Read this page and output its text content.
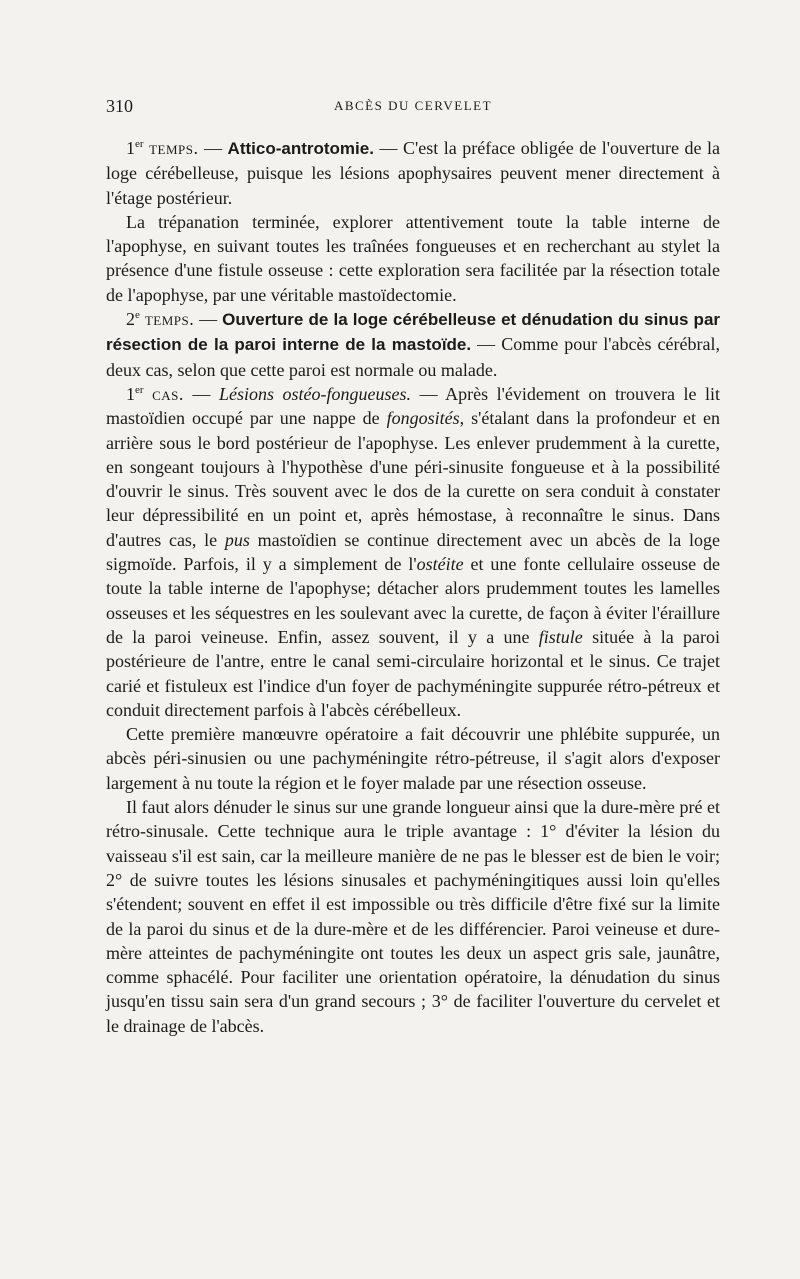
310	ABCÈS DU CERVELET

1er temps. — Attico-antrotomie. — C'est la préface obligée de l'ouverture de la loge cérébelleuse, puisque les lésions apophysaires peuvent mener directement à l'étage postérieur.

La trépanation terminée, explorer attentivement toute la table interne de l'apophyse, en suivant toutes les traînées fongueuses et en recherchant au stylet la présence d'une fistule osseuse : cette exploration sera facilitée par la résection totale de l'apophyse, par une véritable mastoïdectomie.

2e temps. — Ouverture de la loge cérébelleuse et dénudation du sinus par résection de la paroi interne de la mastoïde. — Comme pour l'abcès cérébral, deux cas, selon que cette paroi est normale ou malade.

1er cas. — Lésions ostéo-fongueuses. — Après l'évidement on trouvera le lit mastoïdien occupé par une nappe de fongosités, s'étalant dans la profondeur et en arrière sous le bord postérieur de l'apophyse. Les enlever prudemment à la curette, en songeant toujours à l'hypothèse d'une péri-sinusite fongueuse et à la possibilité d'ouvrir le sinus. Très souvent avec le dos de la curette on sera conduit à constater leur dépressibilité en un point et, après hémostase, à reconnaître le sinus. Dans d'autres cas, le pus mastoïdien se continue directement avec un abcès de la loge sigmoïde. Parfois, il y a simplement de l'ostéite et une fonte cellulaire osseuse de toute la table interne de l'apophyse; détacher alors prudemment toutes les lamelles osseuses et les séquestres en les soulevant avec la curette, de façon à éviter l'éraillure de la paroi veineuse. Enfin, assez souvent, il y a une fistule située à la paroi postérieure de l'antre, entre le canal semi-circulaire horizontal et le sinus. Ce trajet carié et fistuleux est l'indice d'un foyer de pachyméningite suppurée rétro-pétreux et conduit directement parfois à l'abcès cérébelleux.

Cette première manœuvre opératoire a fait découvrir une phlébite suppurée, un abcès péri-sinusien ou une pachyméningite rétro-pétreuse, il s'agit alors d'exposer largement à nu toute la région et le foyer malade par une résection osseuse.

Il faut alors dénuder le sinus sur une grande longueur ainsi que la dure-mère pré et rétro-sinusale. Cette technique aura le triple avantage : 1° d'éviter la lésion du vaisseau s'il est sain, car la meilleure manière de ne pas le blesser est de bien le voir; 2° de suivre toutes les lésions sinusales et pachyméningitiques aussi loin qu'elles s'étendent; souvent en effet il est impossible ou très difficile d'être fixé sur la limite de la paroi du sinus et de la dure-mère et de les différencier. Paroi veineuse et dure-mère atteintes de pachyméningite ont toutes les deux un aspect gris sale, jaunâtre, comme sphacélé. Pour faciliter une orientation opératoire, la dénudation du sinus jusqu'en tissu sain sera d'un grand secours ; 3° de faciliter l'ouverture du cervelet et le drainage de l'abcès.
